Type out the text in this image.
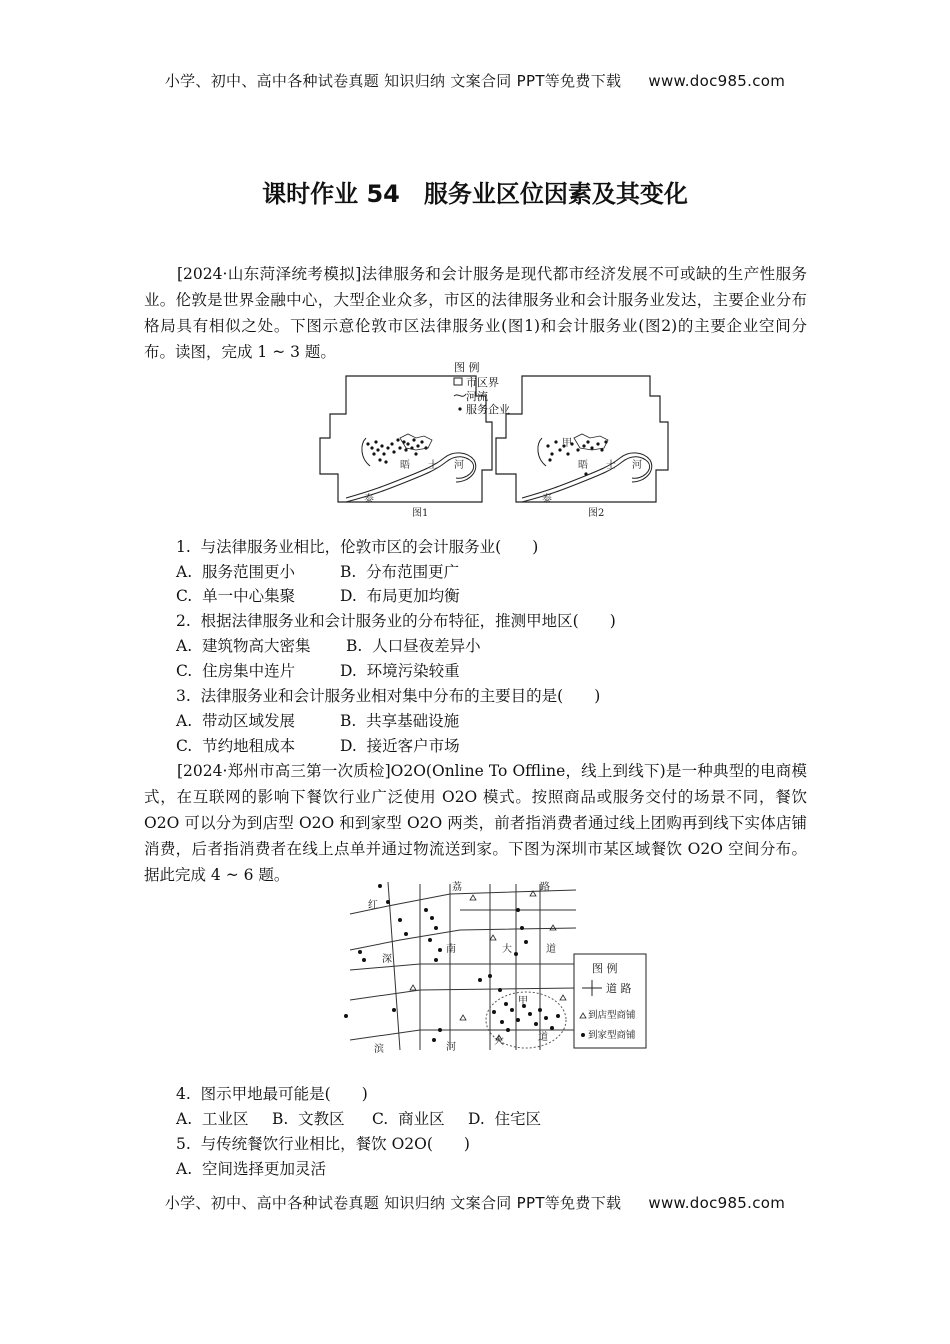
小学、初中、高中各种试卷真题 知识归纳 文案合同 PPT等免费下载 www.doc985.com
课时作业 54　服务业区位因素及其变化

[2024·山东菏泽统考模拟]法律服务和会计服务是现代都市经济发展不可或缺的生产性服务业。伦敦是世界金融中心，大型企业众多，市区的法律服务业和会计服务业发达，主要企业分布格局具有相似之处。下图示意伦敦市区法律服务业(图1)和会计服务业(图2)的主要企业空间分布。读图，完成 1 ~ 3 题。

晤 士 河
泰
图1
图 例
市区界
河流
服务企业
甲
晤 士 河
泰
图2
1.  与法律服务业相比，伦敦市区的会计服务业(　　)
A.  服务范围更小	B.  分布范围更广
C.  单一中心集聚	D.  布局更加均衡
2.  根据法律服务业和会计服务业的分布特征，推测甲地区(　　)
A.  建筑物高大密集 B.  人口昼夜差异小
C.  住房集中连片	D.  环境污染较重
3.  法律服务业和会计服务业相对集中分布的主要目的是(　　)
A.  带动区域发展	B.  共享基础设施
C.  节约地租成本	D.  接近客户市场

[2024·郑州市高三第一次质检]O2O(Online To Offline，线上到线下)是一种典型的电商模式，在互联网的影响下餐饮行业广泛使用 O2O 模式。按照商品或服务交付的场景不同，餐饮 O2O 可以分为到店型 O2O 和到家型 O2O 两类，前者指消费者通过线上团购再到线下实体店铺消费，后者指消费者在线上点单并通过物流送到家。下图为深圳市某区域餐饮 O2O 空间分布。据此完成 4 ~ 6 题。

红
荔	路
深
南	大	道
滨	河
大	道
甲
图 例
道 路
到店型商铺
到家型商铺
4.  图示甲地最可能是(　　)
A.  工业区 B.  文教区 C.  商业区 D.  住宅区
5.  与传统餐饮行业相比，餐饮 O2O(　　)
A.  空间选择更加灵活
小学、初中、高中各种试卷真题 知识归纳 文案合同 PPT等免费下载 www.doc985.com
